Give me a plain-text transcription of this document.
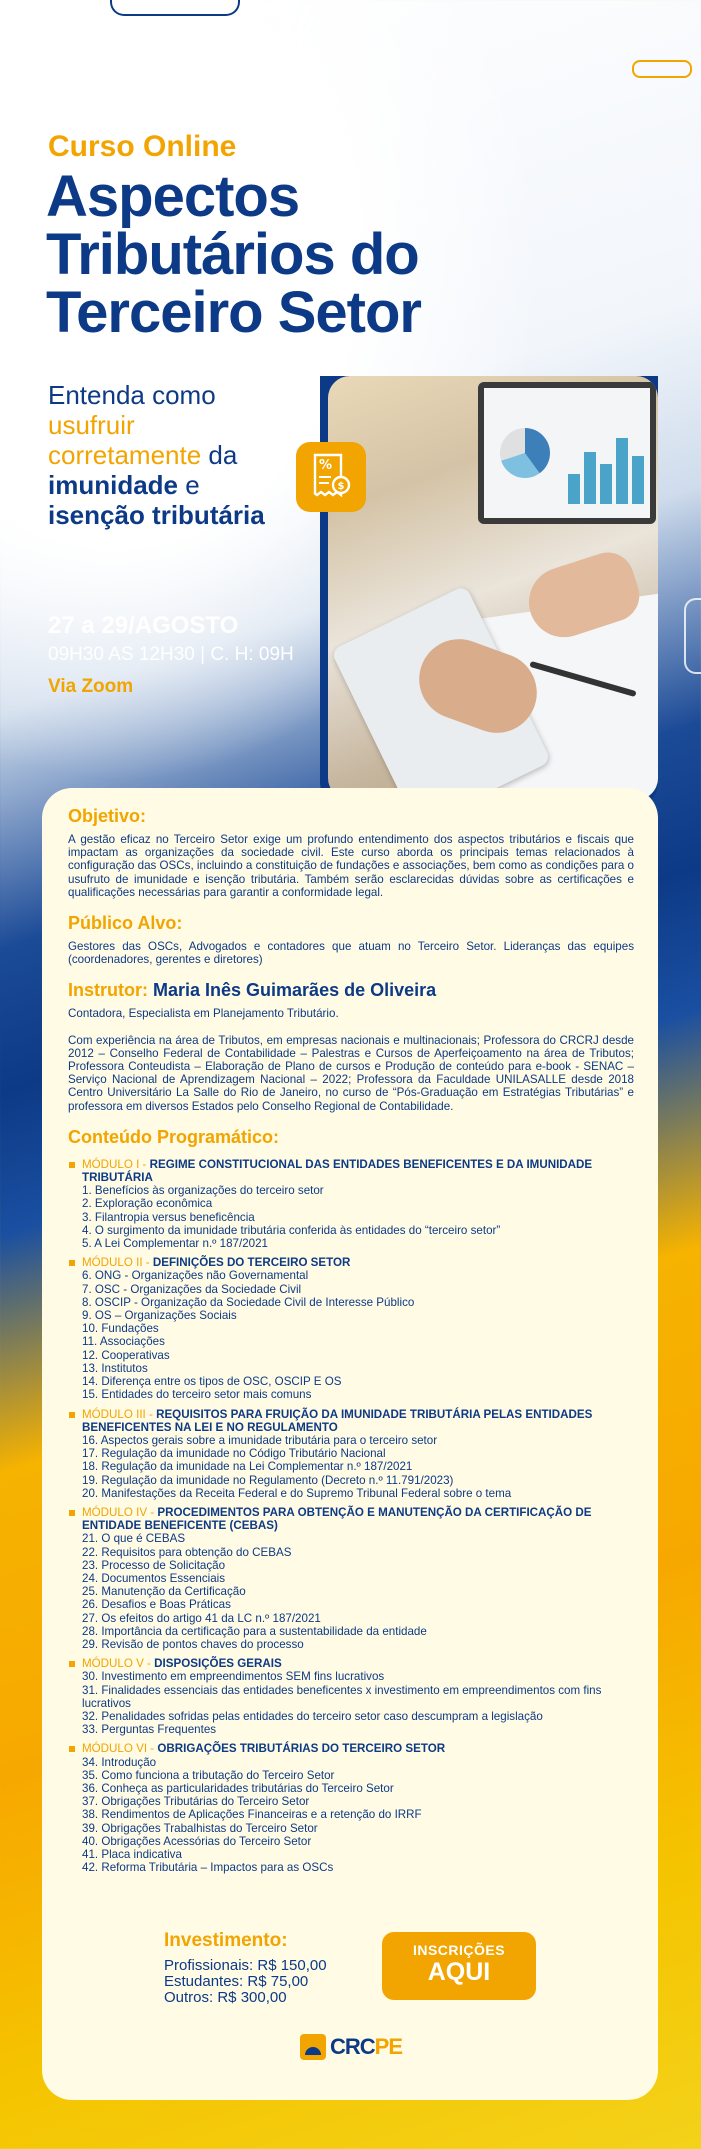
Curso Online
Aspectos Tributários do Terceiro Setor
Entenda como usufruir corretamente da imunidade e isenção tributária
27 a 29/AGOSTO
09H30 AS 12H30 | C. H: 09H
Via Zoom
%
$
Objetivo:
A gestão eficaz no Terceiro Setor exige um profundo entendimento dos aspectos tributários e fiscais que impactam as organizações da sociedade civil. Este curso aborda os principais temas relacionados à configuração das OSCs, incluindo a constituição de fundações e associações, bem como as condições para o usufruto de imunidade e isenção tributária. Também serão esclarecidas dúvidas sobre as certificações e qualificações necessárias para garantir a conformidade legal.
Público Alvo:
Gestores das OSCs, Advogados e contadores que atuam no Terceiro Setor. Lideranças das equipes (coordenadores, gerentes e diretores)
Instrutor: Maria Inês Guimarães de Oliveira
Contadora, Especialista em Planejamento Tributário.
Com experiência na área de Tributos, em empresas nacionais e multinacionais; Professora do CRCRJ desde 2012 – Conselho Federal de Contabilidade – Palestras e Cursos de Aperfeiçoamento na área de Tributos; Professora Conteudista – Elaboração de Plano de cursos e Produção de conteúdo para e-book - SENAC – Serviço Nacional de Aprendizagem Nacional – 2022; Professora da Faculdade UNILASALLE desde 2018 Centro Universitário La Salle do Rio de Janeiro, no curso de “Pós-Graduação em Estratégias Tributárias” e professora em diversos Estados pelo Conselho Regional de Contabilidade.
Conteúdo Programático:
MÓDULO I - REGIME CONSTITUCIONAL DAS ENTIDADES BENEFICENTES E DA IMUNIDADE TRIBUTÁRIA
1. Benefícios às organizações do terceiro setor
2. Exploração econômica
3. Filantropia versus beneficência
4. O surgimento da imunidade tributária conferida às entidades do “terceiro setor”
5. A Lei Complementar n.º 187/2021
MÓDULO II - DEFINIÇÕES DO TERCEIRO SETOR
6. ONG - Organizações não Governamental
7. OSC - Organizações da Sociedade Civil
8. OSCIP - Organização da Sociedade Civil de Interesse Público
9. OS – Organizações Sociais
10. Fundações
11. Associações
12. Cooperativas
13. Institutos
14. Diferença entre os tipos de OSC, OSCIP E OS
15. Entidades do terceiro setor mais comuns
MÓDULO III - REQUISITOS PARA FRUIÇÃO DA IMUNIDADE TRIBUTÁRIA PELAS ENTIDADES BENEFICENTES NA LEI E NO REGULAMENTO
16. Aspectos gerais sobre a imunidade tributária para o terceiro setor
17. Regulação da imunidade no Código Tributário Nacional
18. Regulação da imunidade na Lei Complementar n.º 187/2021
19. Regulação da imunidade no Regulamento (Decreto n.º 11.791/2023)
20. Manifestações da Receita Federal e do Supremo Tribunal Federal sobre o tema
MÓDULO IV - PROCEDIMENTOS PARA OBTENÇÃO E MANUTENÇÃO DA CERTIFICAÇÃO DE ENTIDADE BENEFICENTE (CEBAS)
21. O que é CEBAS
22. Requisitos para obtenção do CEBAS
23. Processo de Solicitação
24. Documentos Essenciais
25. Manutenção da Certificação
26. Desafios e Boas Práticas
27. Os efeitos do artigo 41 da LC n.º 187/2021
28. Importância da certificação para a sustentabilidade da entidade
29. Revisão de pontos chaves do processo
MÓDULO V - DISPOSIÇÕES GERAIS
30. Investimento em empreendimentos SEM fins lucrativos
31. Finalidades essenciais das entidades beneficentes x investimento em empreendimentos com fins lucrativos
32. Penalidades sofridas pelas entidades do terceiro setor caso descumpram a legislação
33. Perguntas Frequentes
MÓDULO VI - OBRIGAÇÕES TRIBUTÁRIAS DO TERCEIRO SETOR
34. Introdução
35. Como funciona a tributação do Terceiro Setor
36. Conheça as particularidades tributárias do Terceiro Setor
37. Obrigações Tributárias do Terceiro Setor
38. Rendimentos de Aplicações Financeiras e a retenção do IRRF
39. Obrigações Trabalhistas do Terceiro Setor
40. Obrigações Acessórias do Terceiro Setor
41. Placa indicativa
42. Reforma Tributária – Impactos para as OSCs
Investimento:
Profissionais: R$ 150,00
Estudantes: R$ 75,00
Outros: R$ 300,00
INSCRIÇÕES
AQUI
CRCPE
